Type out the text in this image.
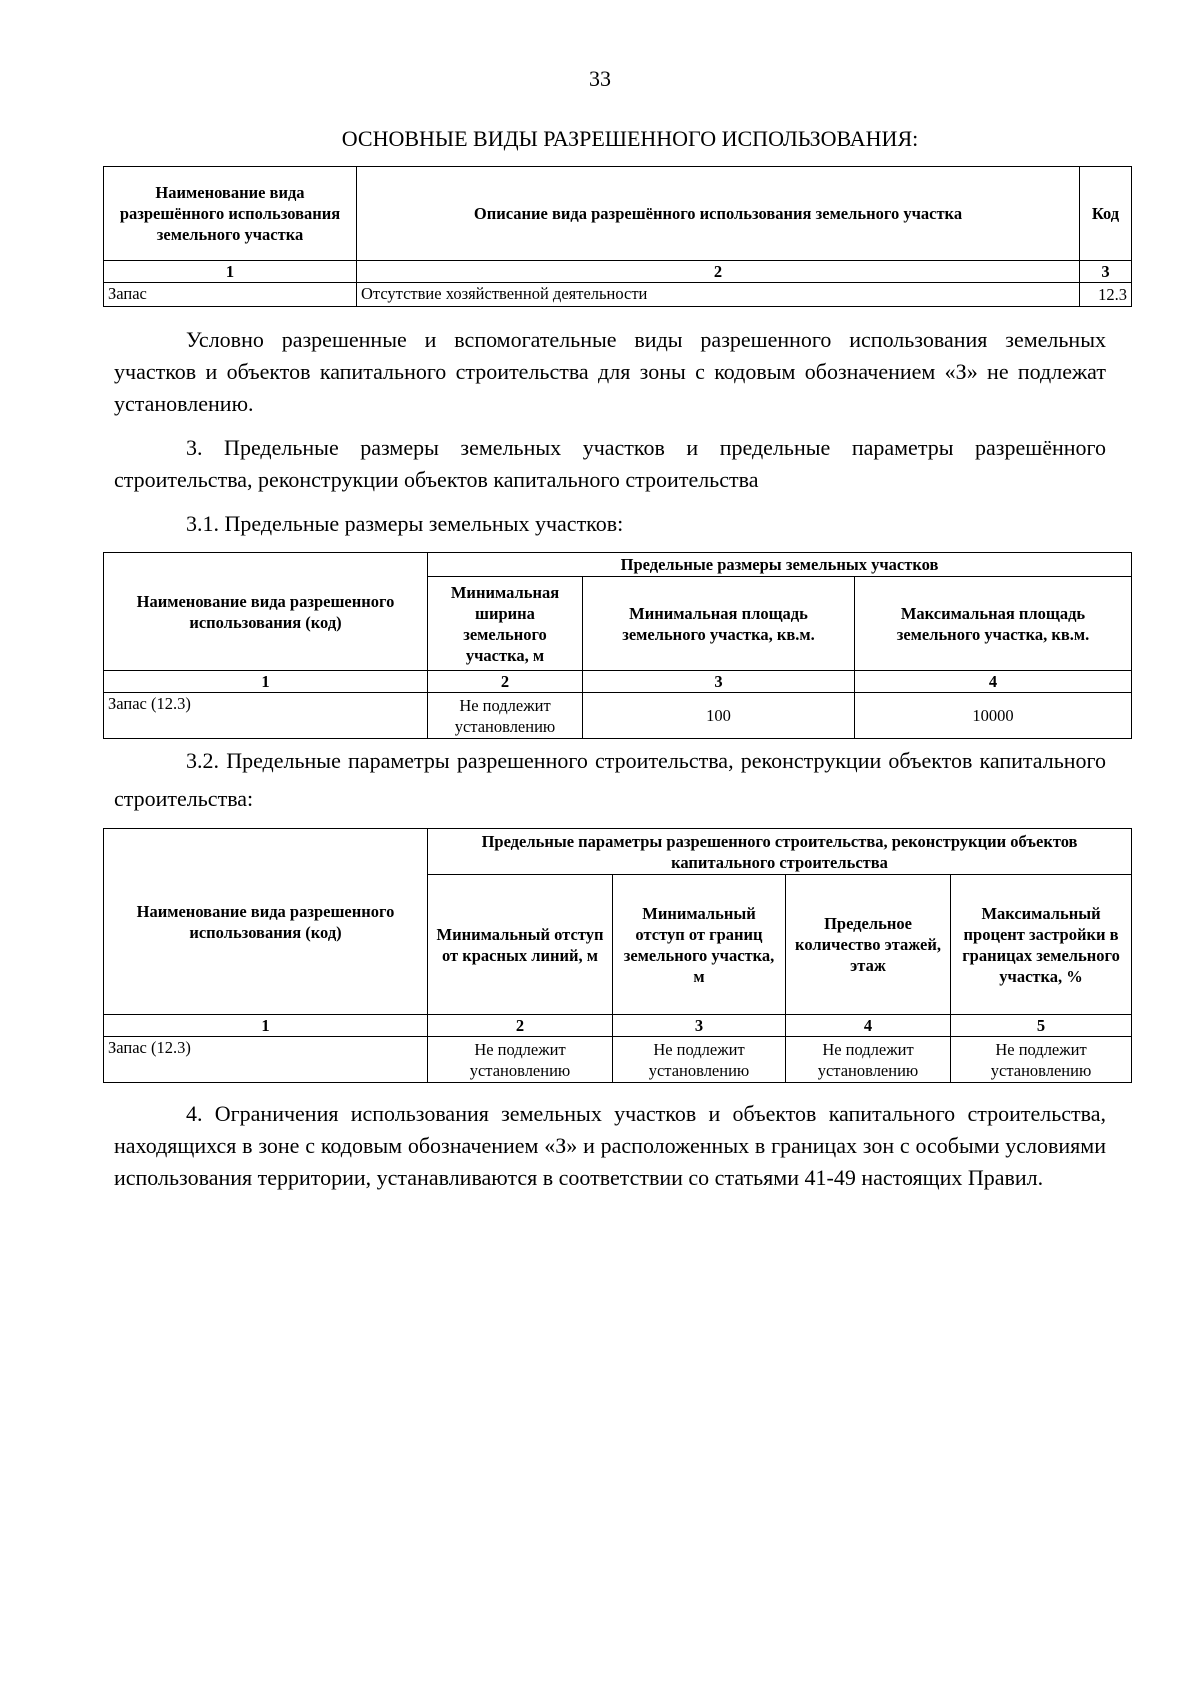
33
ОСНОВНЫЕ ВИДЫ РАЗРЕШЕННОГО ИСПОЛЬЗОВАНИЯ:
Наименование вида разрешённого использования земельного участка	Описание вида разрешённого использования земельного участка	Код
1	2	3
Запас	Отсутствие хозяйственной деятельности	12.3

Условно разрешенные и вспомогательные виды разрешенного использования земельных участков и объектов капитального строительства для зоны с кодовым обозначением «З» не подлежат установлению.

3. Предельные размеры земельных участков и предельные параметры разрешённого строительства, реконструкции объектов капитального строительства

3.1. Предельные размеры земельных участков:
Наименование вида разрешенного использования (код)	Предельные размеры земельных участков		
	Минимальная ширина земельного участка, м	Минимальная площадь земельного участка, кв.м.	Максимальная площадь земельного участка, кв.м.
1	2	3	4
Запас (12.3)	Не подлежит установлению	100	10000

3.2. Предельные параметры разрешенного строительства, реконструкции объектов капитального строительства:

Наименование вида разрешенного использования (код)	Предельные параметры разрешенного строительства, реконструкции объектов капитального строительства			
	Минимальный отступ от красных линий, м	Минимальный отступ от границ земельного участка, м	Предельное количество этажей, этаж	Максимальный процент застройки в границах земельного участка, %
1	2	3	4	5
Запас (12.3)	Не подлежит установлению	Не подлежит установлению	Не подлежит установлению	Не подлежит установлению

4. Ограничения использования земельных участков и объектов капитального строительства, находящихся в зоне с кодовым обозначением «З» и расположенных в границах зон с особыми условиями использования территории, устанавливаются в соответствии со статьями 41-49 настоящих Правил.
